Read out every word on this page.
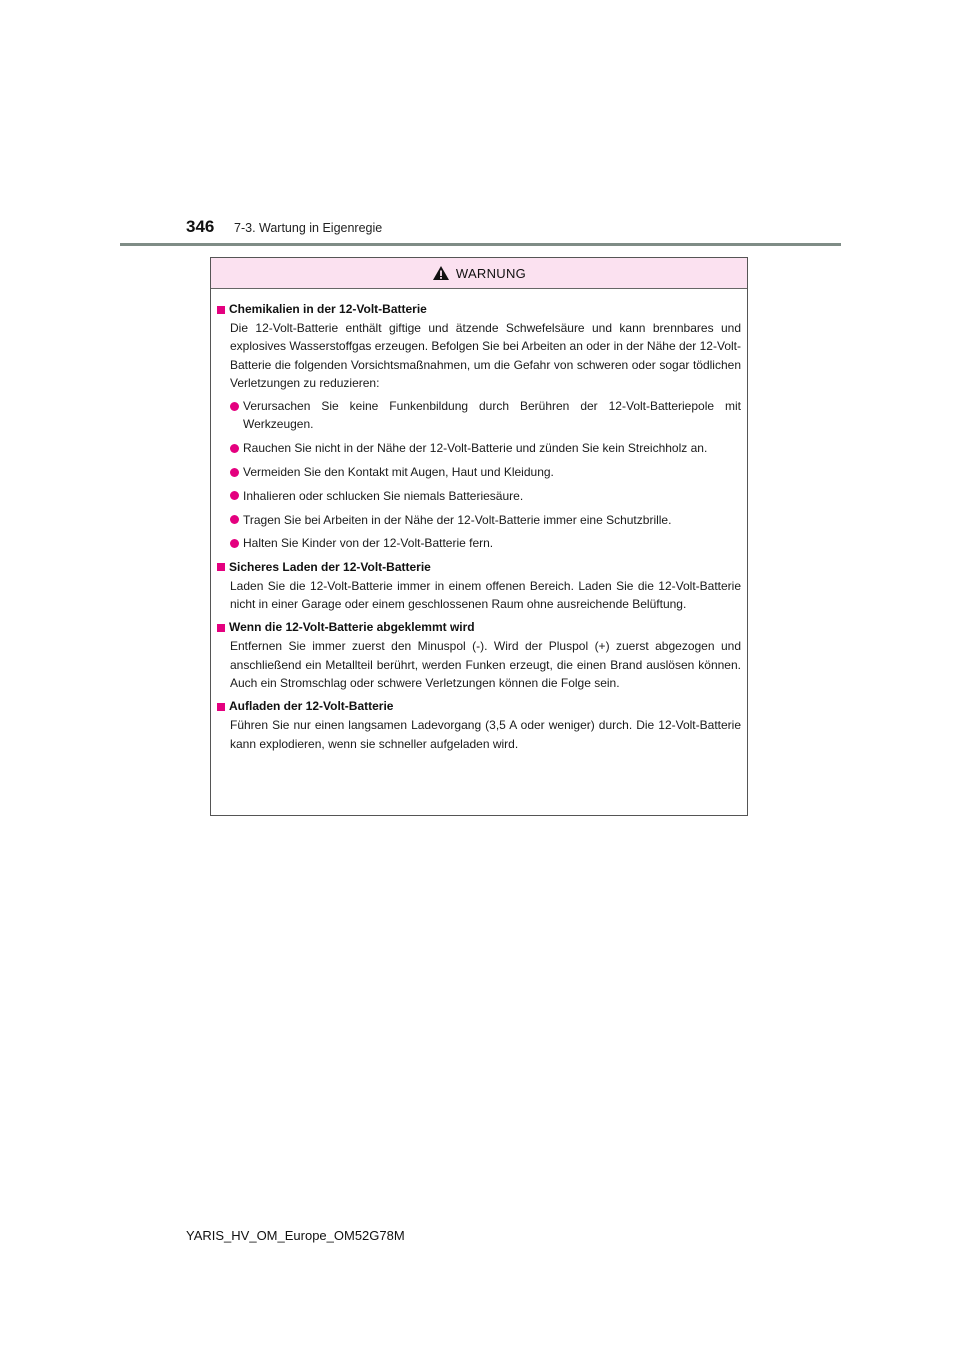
346 7-3. Wartung in Eigenregie
WARNUNG
Chemikalien in der 12-Volt-Batterie
Die 12-Volt-Batterie enthält giftige und ätzende Schwefelsäure und kann brennbares und explosives Wasserstoffgas erzeugen. Befolgen Sie bei Arbeiten an oder in der Nähe der 12-Volt-Batterie die folgenden Vorsichtsmaßnahmen, um die Gefahr von schweren oder sogar tödlichen Verletzungen zu reduzieren:
Verursachen Sie keine Funkenbildung durch Berühren der 12-Volt-Batteriepole mit Werkzeugen.
Rauchen Sie nicht in der Nähe der 12-Volt-Batterie und zünden Sie kein Streichholz an.
Vermeiden Sie den Kontakt mit Augen, Haut und Kleidung.
Inhalieren oder schlucken Sie niemals Batteriesäure.
Tragen Sie bei Arbeiten in der Nähe der 12-Volt-Batterie immer eine Schutzbrille.
Halten Sie Kinder von der 12-Volt-Batterie fern.
Sicheres Laden der 12-Volt-Batterie
Laden Sie die 12-Volt-Batterie immer in einem offenen Bereich. Laden Sie die 12-Volt-Batterie nicht in einer Garage oder einem geschlossenen Raum ohne ausreichende Belüftung.
Wenn die 12-Volt-Batterie abgeklemmt wird
Entfernen Sie immer zuerst den Minuspol (-). Wird der Pluspol (+) zuerst abgezogen und anschließend ein Metallteil berührt, werden Funken erzeugt, die einen Brand auslösen können. Auch ein Stromschlag oder schwere Verletzungen können die Folge sein.
Aufladen der 12-Volt-Batterie
Führen Sie nur einen langsamen Ladevorgang (3,5 A oder weniger) durch. Die 12-Volt-Batterie kann explodieren, wenn sie schneller aufgeladen wird.
YARIS_HV_OM_Europe_OM52G78M
